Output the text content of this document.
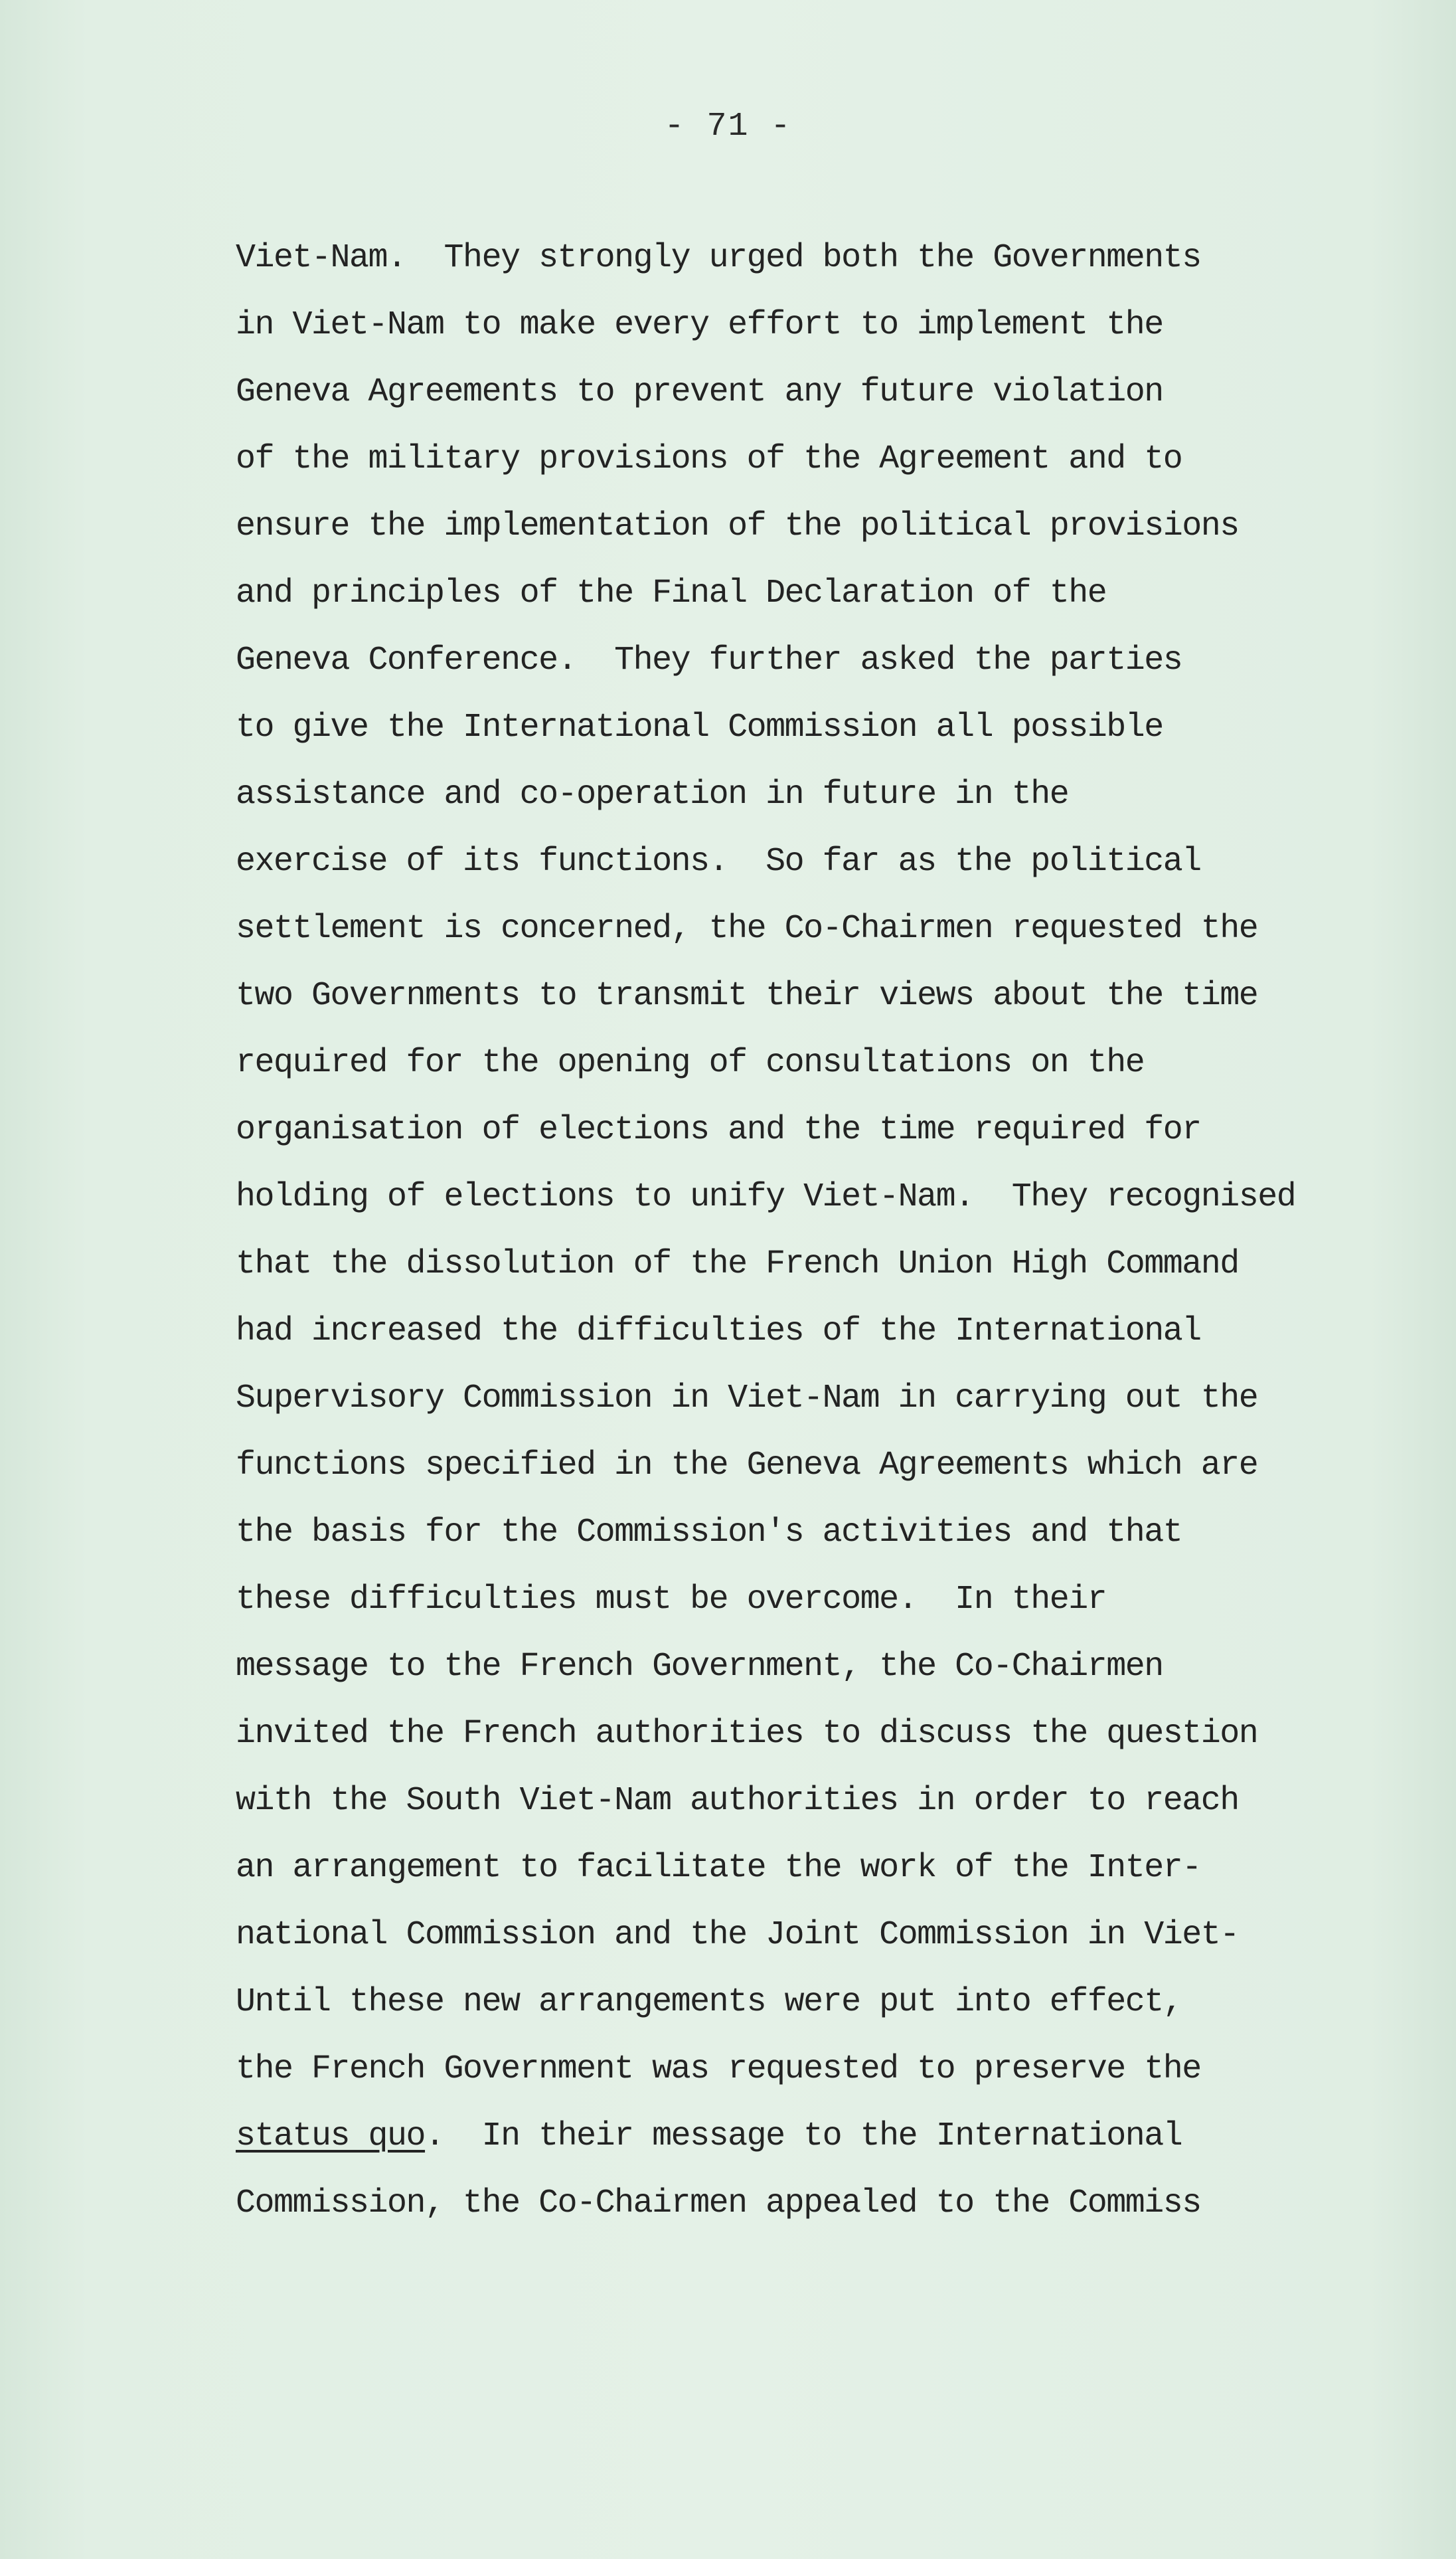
- 71 -
Viet-Nam.  They strongly urged both the Governments
in Viet-Nam to make every effort to implement the
Geneva Agreements to prevent any future violation
of the military provisions of the Agreement and to
ensure the implementation of the political provisions
and principles of the Final Declaration of the
Geneva Conference.  They further asked the parties
to give the International Commission all possible
assistance and co-operation in future in the
exercise of its functions.  So far as the political
settlement is concerned, the Co-Chairmen requested the
two Governments to transmit their views about the time
required for the opening of consultations on the
organisation of elections and the time required for
holding of elections to unify Viet-Nam.  They recognised
that the dissolution of the French Union High Command
had increased the difficulties of the International
Supervisory Commission in Viet-Nam in carrying out the
functions specified in the Geneva Agreements which are
the basis for the Commission's activities and that
these difficulties must be overcome.  In their
message to the French Government, the Co-Chairmen
invited the French authorities to discuss the question
with the South Viet-Nam authorities in order to reach
an arrangement to facilitate the work of the Inter-
national Commission and the Joint Commission in Viet-
Until these new arrangements were put into effect,
the French Government was requested to preserve the
status quo.  In their message to the International
Commission, the Co-Chairmen appealed to the Commiss
